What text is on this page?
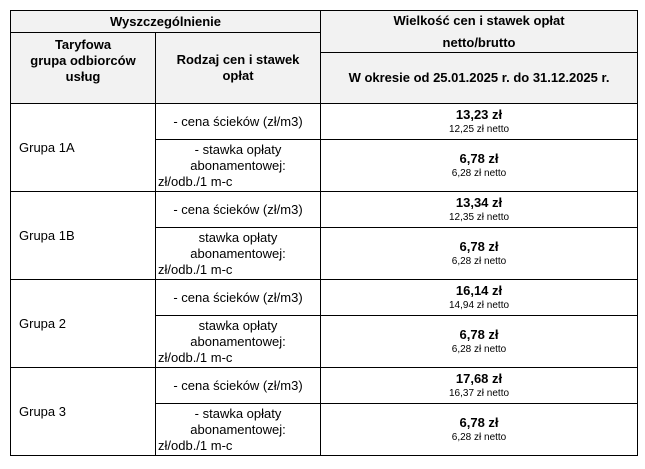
Wyszczególnienie		Wielkość cen i stawek opłat
netto/brutto

Taryfowa
grupa odbiorców
usług	Rodzaj cen i stawek
opłat	

		W okresie od 25.01.2025 r. do 31.12.2025 r.
Grupa 1A	- cena ścieków (zł/m3)	13,23 zł
12,25 zł netto

	- stawka opłaty
abonamentowej:
zł/odb./1 m-c	6,78 zł
6,28 zł netto

Grupa 1B	- cena ścieków (zł/m3)	13,34 zł
12,35 zł netto

	stawka opłaty
abonamentowej:
zł/odb./1 m-c	6,78 zł
6,28 zł netto

Grupa 2	- cena ścieków (zł/m3)	16,14 zł
14,94 zł netto

	stawka opłaty
abonamentowej:
zł/odb./1 m-c	6,78 zł
6,28 zł netto

Grupa 3	- cena ścieków (zł/m3)	17,68 zł
16,37 zł netto

	- stawka opłaty
abonamentowej:
zł/odb./1 m-c	6,78 zł
6,28 zł netto
